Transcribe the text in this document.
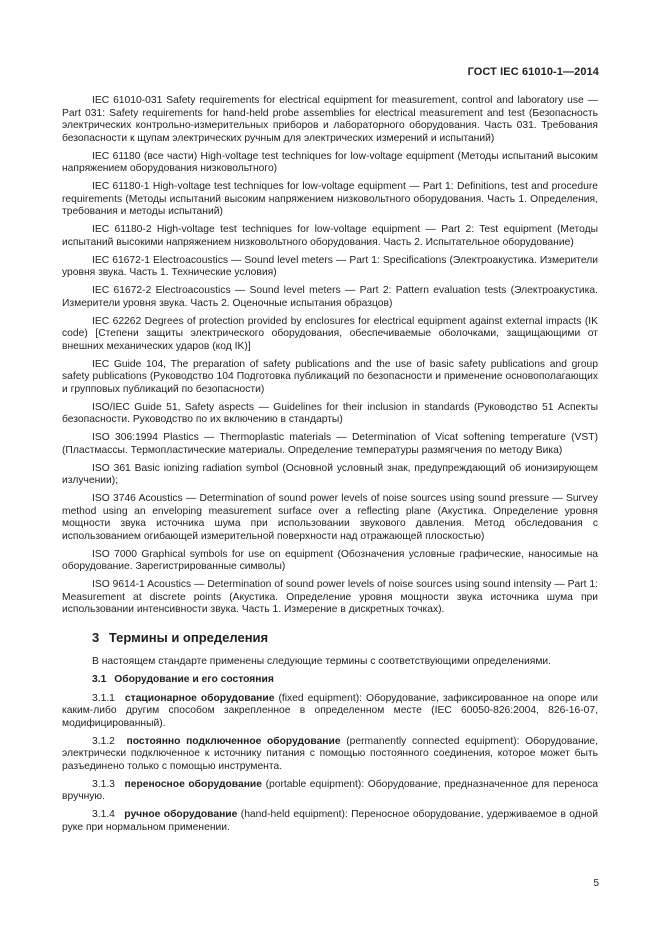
ГОСТ IEC 61010-1—2014

IEC 61010-031 Safety requirements for electrical equipment for measurement, control and laboratory use — Part 031: Safety requirements for hand-held probe assemblies for electrical measurement and test (Безопасность электрических контрольно-измерительных приборов и лабораторного оборудования. Часть 031. Требования безопасности к щупам электрических ручным для электрических измерений и испытаний)

IEC 61180 (все части) High-voltage test techniques for low-voltage equipment (Методы испытаний высоким напряжением оборудования низковольтного)

IEC 61180-1 High-voltage test techniques for low-voltage equipment — Part 1: Definitions, test and procedure requirements (Методы испытаний высоким напряжением низковольтного оборудования. Часть 1. Определения, требования и методы испытаний)

IEC 61180-2 High-voltage test techniques for low-voltage equipment — Part 2: Test equipment (Методы испытаний высокими напряжением низковольтного оборудования. Часть 2. Испытательное оборудование)

IEC 61672-1 Electroacoustics — Sound level meters — Part 1: Specifications (Электроакустика. Измерители уровня звука. Часть 1. Технические условия)

IEC 61672-2 Electroacoustics — Sound level meters — Part 2: Pattern evaluation tests (Электроакустика. Измерители уровня звука. Часть 2. Оценочные испытания образцов)

IEC 62262 Degrees of protection provided by enclosures for electrical equipment against external impacts (IK code) [Степени защиты электрического оборудования, обеспечиваемые оболочками, защищающими от внешних механических ударов (код IK)]

IEC Guide 104, The preparation of safety publications and the use of basic safety publications and group safety publications (Руководство 104 Подготовка публикаций по безопасности и применение основополагающих и групповых публикаций по безопасности)

ISO/IEC Guide 51, Safety aspects — Guidelines for their inclusion in standards (Руководство 51 Аспекты безопасности. Руководство по их включению в стандарты)

ISO 306:1994 Plastics — Thermoplastic materials — Determination of Vicat softening temperature (VST) (Пластмассы. Термопластические материалы. Определение температуры размягчения по методу Вика)

ISO 361 Basic ionizing radiation symbol (Основной условный знак, предупреждающий об ионизирующем излучении);

ISO 3746 Acoustics — Determination of sound power levels of noise sources using sound pressure — Survey method using an enveloping measurement surface over a reflecting plane (Акустика. Определение уровня мощности звука источника шума при использовании звукового давления. Метод обследования с использованием огибающей измерительной поверхности над отражающей плоскостью)

ISO 7000 Graphical symbols for use on equipment (Обозначения условные графические, наносимые на оборудование. Зарегистрированные символы)

ISO 9614-1 Acoustics — Determination of sound power levels of noise sources using sound intensity — Part 1: Measurement at discrete points (Акустика. Определение уровня мощности звука источника шума при использовании интенсивности звука. Часть 1. Измерение в дискретных точках).

3 Термины и определения

В настоящем стандарте применены следующие термины с соответствующими определениями.

3.1 Оборудование и его состояния

3.1.1 стационарное оборудование (fixed equipment): Оборудование, зафиксированное на опоре или каким-либо другим способом закрепленное в определенном месте (IEC 60050-826:2004, 826-16-07, модифицированный).

3.1.2 постоянно подключенное оборудование (permanently connected equipment): Оборудование, электрически подключенное к источнику питания с помощью постоянного соединения, которое может быть разъединено только с помощью инструмента.

3.1.3 переносное оборудование (portable equipment): Оборудование, предназначенное для переноса вручную.

3.1.4 ручное оборудование (hand-held equipment): Переносное оборудование, удерживаемое в одной руке при нормальном применении.

5
